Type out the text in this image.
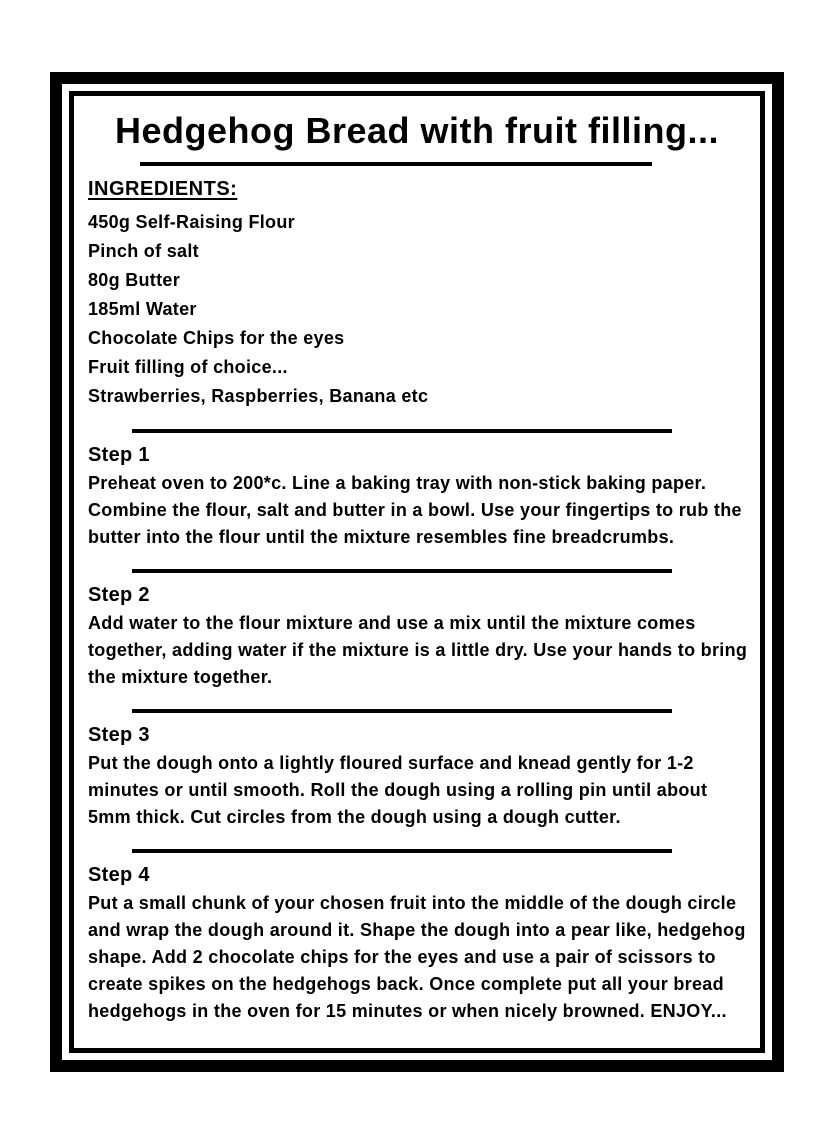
Hedgehog Bread with fruit filling...
INGREDIENTS:
450g Self-Raising Flour
Pinch of salt
80g Butter
185ml Water
Chocolate Chips for the eyes
Fruit filling of choice...
Strawberries, Raspberries, Banana etc
Step 1

Preheat oven to 200*c. Line a baking tray with non-stick baking paper. Combine the flour, salt and butter in a bowl. Use your fingertips to rub the butter into the flour until the mixture resembles fine breadcrumbs.

Step 2

Add water to the flour mixture and use a mix until the mixture comes together, adding water if the mixture is a little dry. Use your hands to bring the mixture together.

Step 3

Put the dough onto a lightly floured surface and knead gently for 1-2 minutes or until smooth. Roll the dough using a rolling pin until about 5mm thick. Cut circles from the dough using a dough cutter.

Step 4

Put a small chunk of your chosen fruit into the middle of the dough circle and wrap the dough around it. Shape the dough into a pear like, hedgehog shape. Add 2 chocolate chips for the eyes and use a pair of scissors to create spikes on the hedgehogs back. Once complete put all your bread hedgehogs in the oven for 15 minutes or when nicely browned. ENJOY...
